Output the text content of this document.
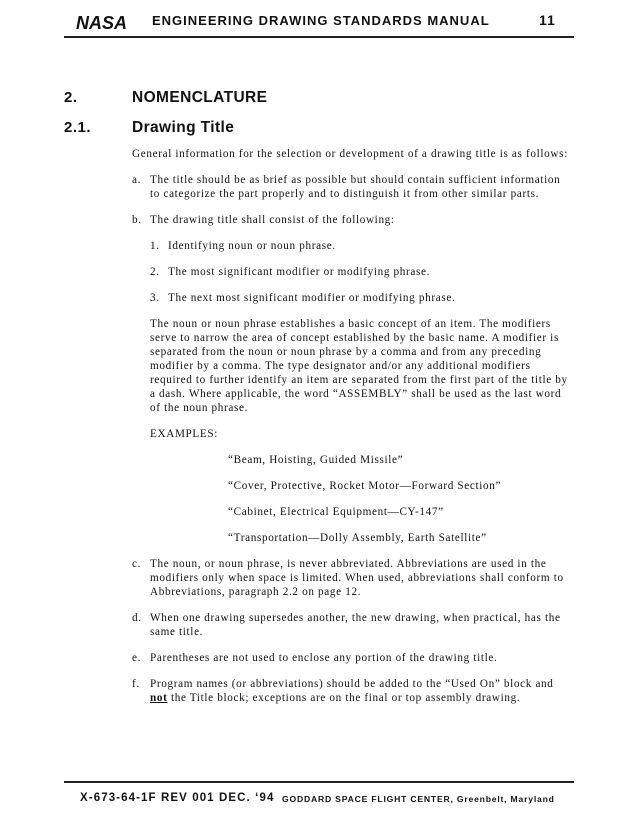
NASA ENGINEERING DRAWING STANDARDS MANUAL	11
2.	NOMENCLATURE
2.1.	Drawing Title

General information for the selection or development of a drawing title is as follows:

a. The title should be as brief as possible but should contain sufficient information to categorize the part properly and to distinguish it from other similar parts.
b. The drawing title shall consist of the following:
1. Identifying noun or noun phrase.
2. The most significant modifier or modifying phrase.
3. The next most significant modifier or modifying phrase.

The noun or noun phrase establishes a basic concept of an item. The modifiers serve to narrow the area of concept established by the basic name. A modifier is separated from the noun or noun phrase by a comma and from any preceding modifier by a comma. The type designator and/or any additional modifiers required to further identify an item are separated from the first part of the title by a dash. Where applicable, the word “ASSEMBLY” shall be used as the last word of the noun phrase.

EXAMPLES:

“Beam, Hoisting, Guided Missile”
“Cover, Protective, Rocket Motor—Forward Section”
“Cabinet, Electrical Equipment—CY-147”
“Transportation—Dolly Assembly, Earth Satellite”
c. The noun, or noun phrase, is never abbreviated. Abbreviations are used in the modifiers only when space is limited. When used, abbreviations shall conform to Abbreviations, paragraph 2.2 on page 12.
d. When one drawing supersedes another, the new drawing, when practical, has the same title.
e. Parentheses are not used to enclose any portion of the drawing title.
f. Program names (or abbreviations) should be added to the “Used On” block and not the Title block; exceptions are on the final or top assembly drawing.
X-673-64-1F REV 001 DEC. ‘94 GODDARD SPACE FLIGHT CENTER, Greenbelt, Maryland
